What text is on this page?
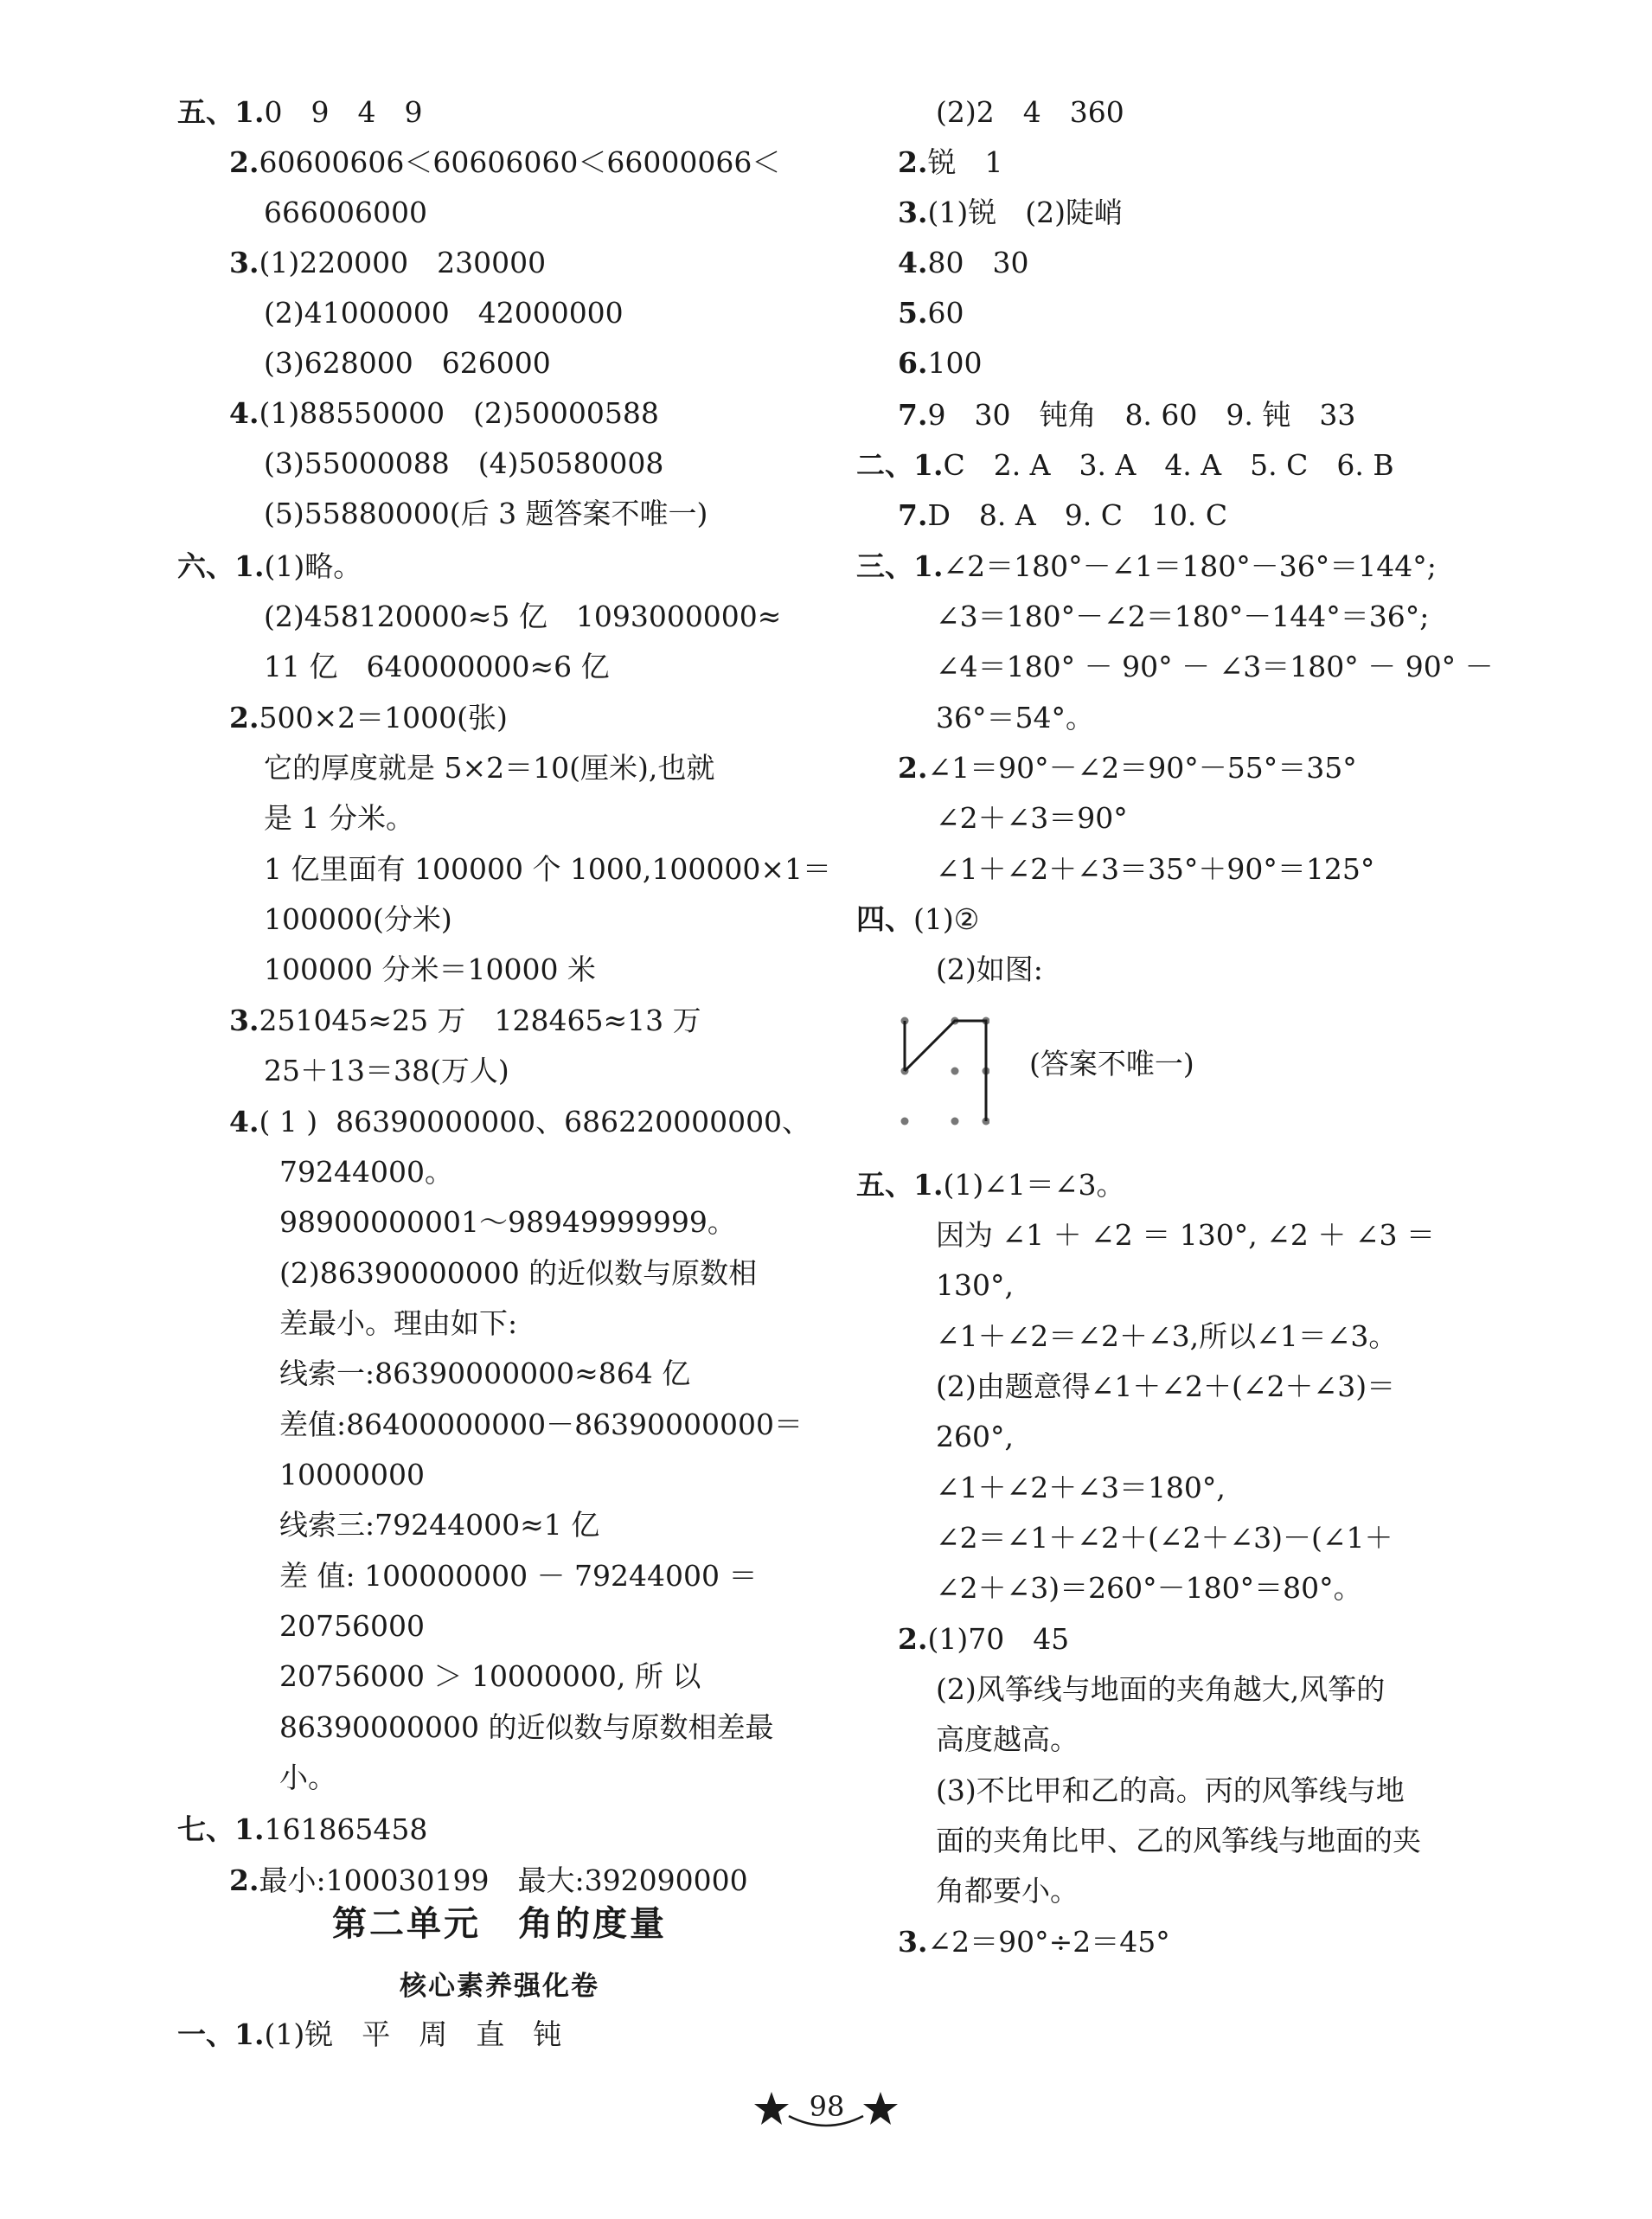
五、1.0　9　4　9
2.60600606＜60606060＜66000066＜
666006000
3.(1)220000　230000
(2)41000000　42000000
(3)628000　626000
4.(1)88550000　(2)50000588
(3)55000088　(4)50580008
(5)55880000(后 3 题答案不唯一)
六、1.(1)略。
(2)458120000≈5 亿　1093000000≈
11 亿　640000000≈6 亿
2.500×2＝1000(张)
它的厚度就是 5×2＝10(厘米),也就
是 1 分米。
1 亿里面有 100000 个 1000,100000×1＝
100000(分米)
100000 分米＝10000 米
3.251045≈25 万　128465≈13 万
25＋13＝38(万人)
4.( 1 )  86390000000、686220000000、
79244000。
98900000001～98949999999。
(2)86390000000 的近似数与原数相
差最小。理由如下:
线索一:86390000000≈864 亿
差值:86400000000－86390000000＝
10000000
线索三:79244000≈1 亿
差 值: 100000000 － 79244000 ＝
20756000
20756000 ＞ 10000000, 所 以
86390000000 的近似数与原数相差最
小。
七、1.161865458
2.最小:100030199　最大:392090000
第二单元　角的度量
核心素养强化卷
一、1.(1)锐　平　周　直　钝
(2)2　4　360
2.锐　1
3.(1)锐　(2)陡峭
4.80　30
5.60
6.100
7.9　30　钝角　8. 60　9. 钝　33
二、1.C　2. A　3. A　4. A　5. C　6. B
7.D　8. A　9. C　10. C
三、1.∠2＝180°－∠1＝180°－36°＝144°;
∠3＝180°－∠2＝180°－144°＝36°;
∠4＝180° － 90° － ∠3＝180° － 90° －
36°＝54°。
2.∠1＝90°－∠2＝90°－55°＝35°
∠2＋∠3＝90°
∠1＋∠2＋∠3＝35°＋90°＝125°
四、(1)②
(2)如图:
(答案不唯一)
五、1.(1)∠1＝∠3。
因为 ∠1 ＋ ∠2 ＝ 130°, ∠2 ＋ ∠3 ＝
130°,
∠1＋∠2＝∠2＋∠3,所以∠1＝∠3。
(2)由题意得∠1＋∠2＋(∠2＋∠3)＝
260°,
∠1＋∠2＋∠3＝180°,
∠2＝∠1＋∠2＋(∠2＋∠3)－(∠1＋
∠2＋∠3)＝260°－180°＝80°。
2.(1)70　45
(2)风筝线与地面的夹角越大,风筝的
高度越高。
(3)不比甲和乙的高。丙的风筝线与地
面的夹角比甲、乙的风筝线与地面的夹
角都要小。
3.∠2＝90°÷2＝45°
98
